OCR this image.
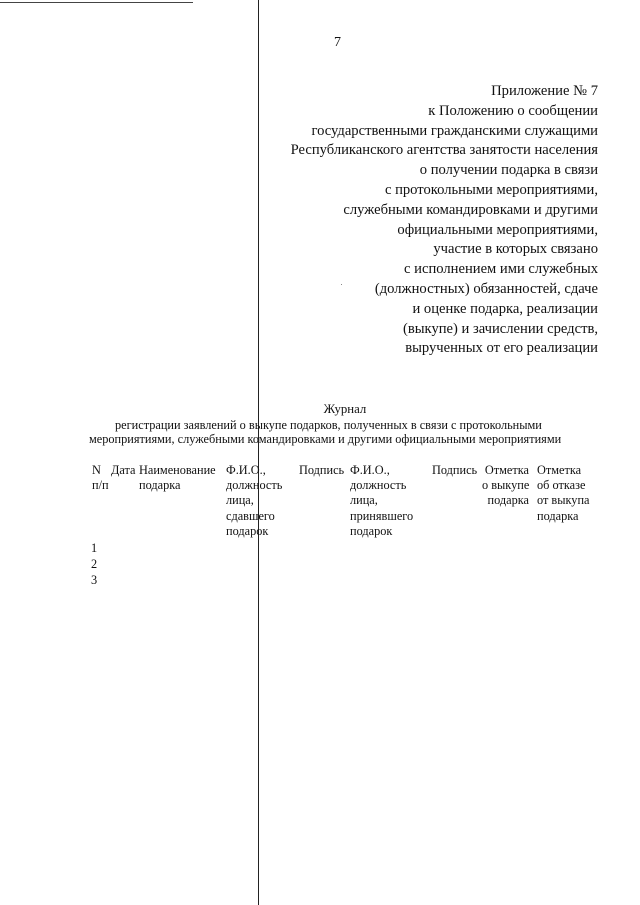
7
Приложение № 7
к Положению о сообщении
государственными гражданскими служащими
Республиканского агентства занятости населения
о получении подарка в связи
с протокольными мероприятиями,
служебными командировками и другими
официальными мероприятиями,
участие в которых связано
с исполнением ими служебных
(должностных) обязанностей, сдаче
и оценке подарка, реализации
(выкупе) и зачислении средств,
вырученных от его реализации
Журнал
регистрации заявлений о выкупе подарков, полученных в связи с протокольными
мероприятиями, служебными командировками и другими официальными мероприятиями
N
п/п
Дата Наименование
подарка
Ф.И.О.,
должность
лица,
сдавшего
подарок
Подпись Ф.И.О.,
должность
лица,
принявшего
подарок
Подпись Отметка
о выкупе
подарка
Отметка
об отказе
от выкупа
подарка
1
2
3
